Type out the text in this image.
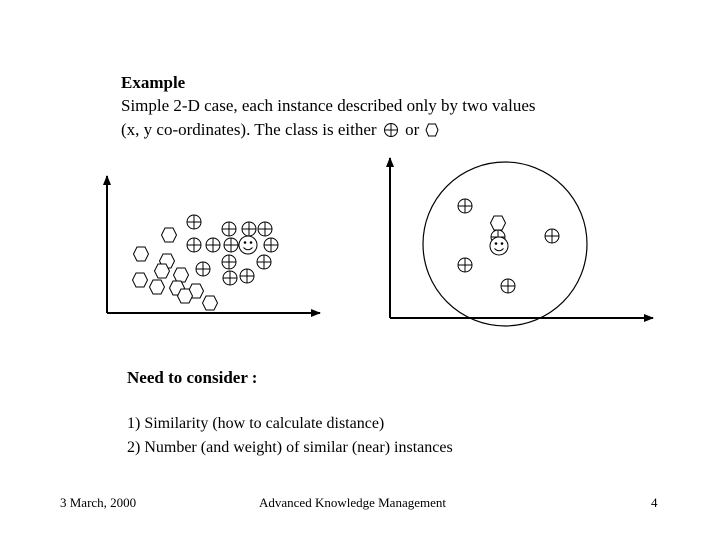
Example
Simple 2-D case, each instance described only by two values
(x, y co-ordinates). The class is either or
Need to consider :
1) Similarity (how to calculate distance)
2) Number (and weight) of similar (near) instances
3 March, 2000	Advanced Knowledge Management	4
